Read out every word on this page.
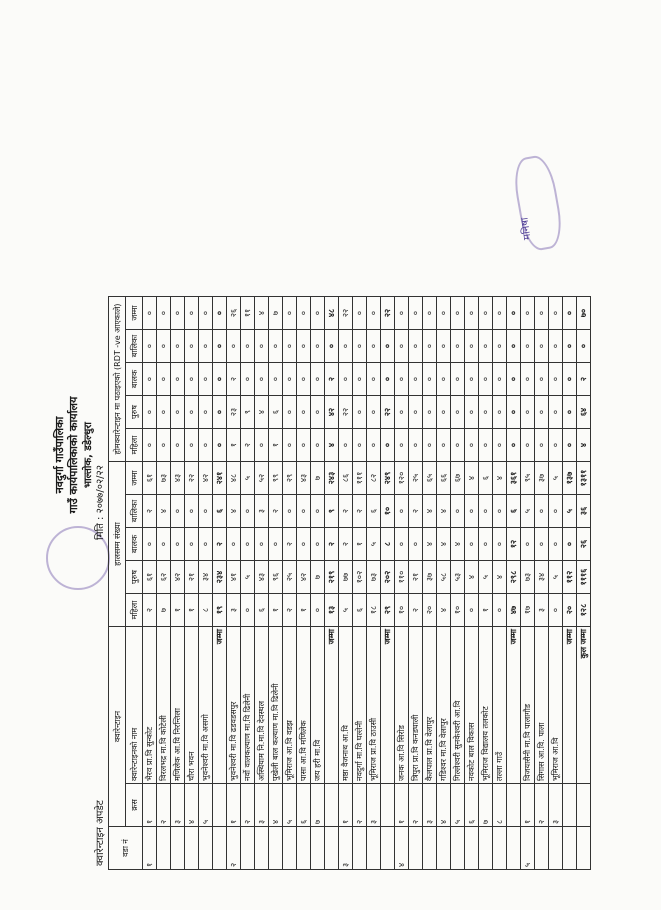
नवदुर्गा गाउँपालिका गाउँ कार्यपालिकाको कार्यालय भाल्तोक, डडेल्धुरा
क्वारेन्टाइन अपडेट
मिति : २०७७/०२/२२
वडा नं	क्वारेन्टाइन		हालसम्म संख्या					हाेमक्वारेन्टाइन मा पठाइएको (RDT -ve आएकाले)				
	क्रस	क्वारेन्टाइनको नाम	महिला	पुरुष	बालक	बालिका	जम्मा	महिला	पुरुष	बालक	बालिका	जम्मा
१	१	भैरव प्रा.वि सुन्कोट	२	६१	०	२	६१	०	०	०	०	०
	२	विरलभद्र मा.वि कोटेली	७	६२	०	४	७३	०	०	०	०	०
	३	मणिलेक आ.वि निरन्तिला	१	४२	०	०	४३	०	०	०	०	०
	४	चौरा भवन	१	२१	०	०	२२	०	०	०	०	०
	५	भुवनेश्वरी मा.वि असगो	८	३४	०	०	४२	०	०	०	०	०
		जम्मा	१९	२३४	२	६	२४१	०	०	०	०	०
२	१	भुवनेश्वरी मा.वि ढडवडसपुर	३	४१	०	४	४८	१	२३	२	०	२६
	२	नर्वो वालकल्याण मा.वि ढिलेनी	०	५	०	०	५	२	९	०	०	११
	३	अस्थियाम नि.मा.वि देवस्थल	६	४३	०	३	५२	०	४	०	०	४
	४	पुखेली बाल कल्याण मा.वि ढिलेनी	१	९६	०	२	९९	१	६	०	०	७
	५	भूमिराज आ.वि वडझ	२	२५	२	०	२९	०	०	०	०	०
	६	पासा आ.वि मणिलेक	१	४२	०	०	४३	०	०	०	०	०
	७	जय हरी मा.वि	०	७	०	०	७	०	०	०	०	०
		जम्मा	१३	२१९	२	९	२४३	४	४२	२	०	४८
३	१	मष्ठा वैजनाथ आ.वि	५	७७	२	२	८६	०	२२	०	०	२२
	२	नवदुर्गा मा.वि घल्तेनी	६	१०२	१	२	१११	०	०	०	०	०
	३	भूमिराज प्रा.वि ठाउसी	१८	७३	५	६	८२	०	०	०	०	०
		जम्मा	२९	२०२	८	१०	२४९	०	२२	०	०	२२
४	१	जनक आ.वि सिरोड	१०	११०	०	०	१२०	०	०	०	०	०
	२	त्रिपुरा प्रा.वि कनडघाली	२	२१	०	२	२५	०	०	०	०	०
	३	कैलपाल प्रा.वि वेलापुर	२०	३७	४	४	६५	०	०	०	०	०
	४	गडिश्वर मा.वि वेलापुर	४	५८	४	४	६६	०	०	०	०	०
	५	गिल्लेश्वरी सुनकेश्वरी आ.वि	१०	५३	४	०	६७	०	०	०	०	०
	६	नवकोट बाल विकास	०	४	०	०	४	०	०	०	०	०
	७	भूमिराज विद्यालय तलकोट	१	५	०	०	६	०	०	०	०	०
	८	तल्ला गाउँ	०	४	०	०	४	०	०	०	०	०
		जम्मा	४७	२९८	१२	६	३६१	०	०	०	०	०
५	१	विजयासैनी मा.वि पालागौड	१७	७३	०	५	९५	०	०	०	०	०
	२	सिगास आ.वि. पाला	३	३४	०	०	३७	०	०	०	०	०
	३	भूमिराज आ.वि	०	५	०	०	५	०	०	०	०	०
		जम्मा	२०	११२	०	५	१३७	०	०	०	०	०
		कुल जम्मा	१२८	१११६	२६	३६	१३११	४	६४	२	०	७०
मनिषा
